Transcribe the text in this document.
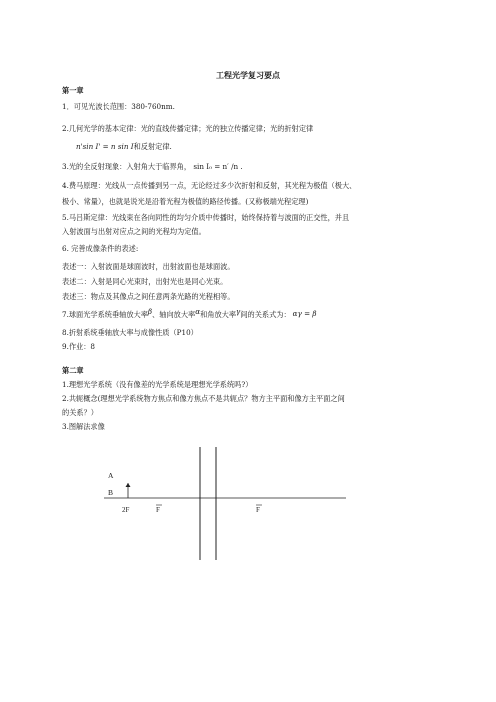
工程光学复习要点
第一章
1．可见光波长范围：380-760nm.
2.几何光学的基本定律：光的直线传播定律；光的独立传播定律；光的折射定律
n'sin I' = n sin I和反射定律.
3.光的全反射现象：入射角大于临界角， sin I₀ = n′ /n .
4.费马原理：光线从一点传播到另一点，无论经过多少次折射和反射，其光程为极值（极大、
极小、常量），也就是说光是沿着光程为极值的路径传播。(又称极端光程定理)
5.马吕斯定律：光线束在各向同性的均匀介质中传播时，始终保持着与波面的正交性，并且
入射波面与出射对应点之间的光程均为定值。
6. 完善成像条件的表述:
表述一：入射波面是球面波时，出射波面也是球面波。
表述二：入射是同心光束时，出射光也是同心光束。
表述三：物点及其像点之间任意两条光路的光程相等。
7.球面光学系统垂轴放大率β、轴向放大率α和角放大率γ间的关系式为： αγ = β
8.折射系统垂轴放大率与成像性质（P10）
9.作业：8
第二章
1.理想光学系统（没有像差的光学系统是理想光学系统吗?）
2.共轭概念(理想光学系统物方焦点和像方焦点不是共轭点？物方主平面和像方主平面之间
的关系？）
3.图解法求像
A
B
2F	F	F
